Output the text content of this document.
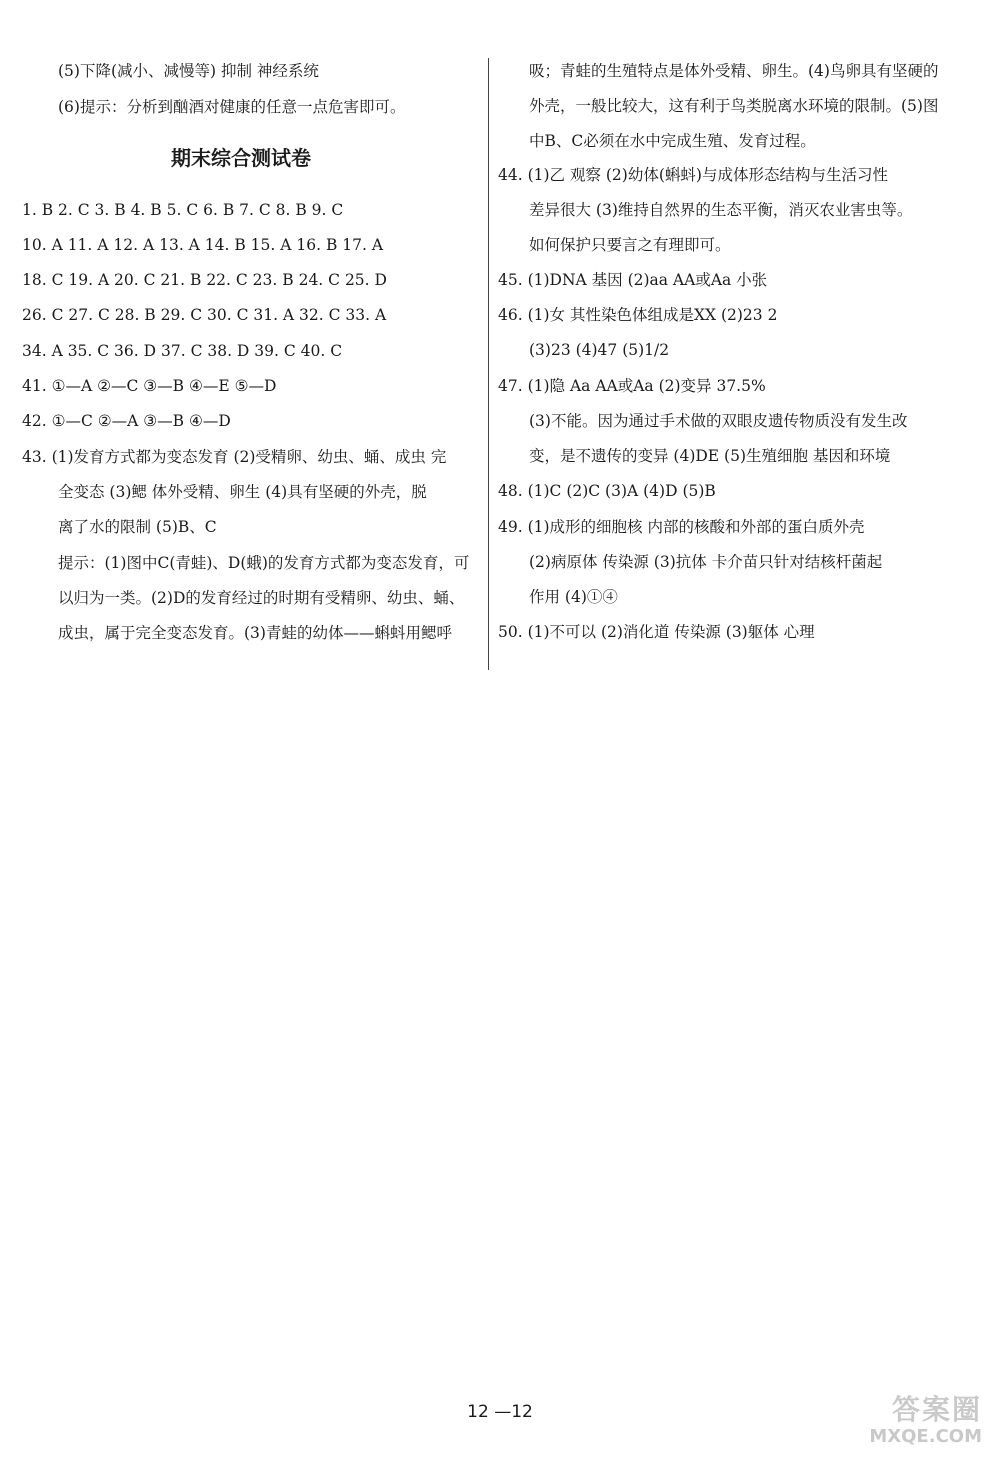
(5)下降(减小、减慢等) 抑制 神经系统
(6)提示：分析到酗酒对健康的任意一点危害即可。
期末综合测试卷
1. B 2. C 3. B 4. B 5. C 6. B 7. C 8. B 9. C
10. A 11. A 12. A 13. A 14. B 15. A 16. B 17. A
18. C 19. A 20. C 21. B 22. C 23. B 24. C 25. D
26. C 27. C 28. B 29. C 30. C 31. A 32. C 33. A
34. A 35. C 36. D 37. C 38. D 39. C 40. C
41. ①—A ②—C ③—B ④—E ⑤—D
42. ①—C ②—A ③—B ④—D
43. (1)发育方式都为变态发育 (2)受精卵、幼虫、蛹、成虫 完
全变态 (3)鳃 体外受精、卵生 (4)具有坚硬的外壳，脱
离了水的限制 (5)B、C
提示：(1)图中C(青蛙)、D(蛾)的发育方式都为变态发育，可
以归为一类。(2)D的发育经过的时期有受精卵、幼虫、蛹、
成虫，属于完全变态发育。(3)青蛙的幼体——蝌蚪用鳃呼
吸；青蛙的生殖特点是体外受精、卵生。(4)鸟卵具有坚硬的
外壳，一般比较大，这有利于鸟类脱离水环境的限制。(5)图
中B、C必须在水中完成生殖、发育过程。
44. (1)乙 观察 (2)幼体(蝌蚪)与成体形态结构与生活习性
差异很大 (3)维持自然界的生态平衡，消灭农业害虫等。
如何保护只要言之有理即可。
45. (1)DNA 基因 (2)aa AA或Aa 小张
46. (1)女 其性染色体组成是XX (2)23 2
(3)23 (4)47 (5)1/2
47. (1)隐 Aa AA或Aa (2)变异 37.5%
(3)不能。因为通过手术做的双眼皮遗传物质没有发生改
变，是不遗传的变异 (4)DE (5)生殖细胞 基因和环境
48. (1)C (2)C (3)A (4)D (5)B
49. (1)成形的细胞核 内部的核酸和外部的蛋白质外壳
(2)病原体 传染源 (3)抗体 卡介苗只针对结核杆菌起
作用 (4)①④
50. (1)不可以 (2)消化道 传染源 (3)躯体 心理
12 —12	答案圈
MXQE.COM
